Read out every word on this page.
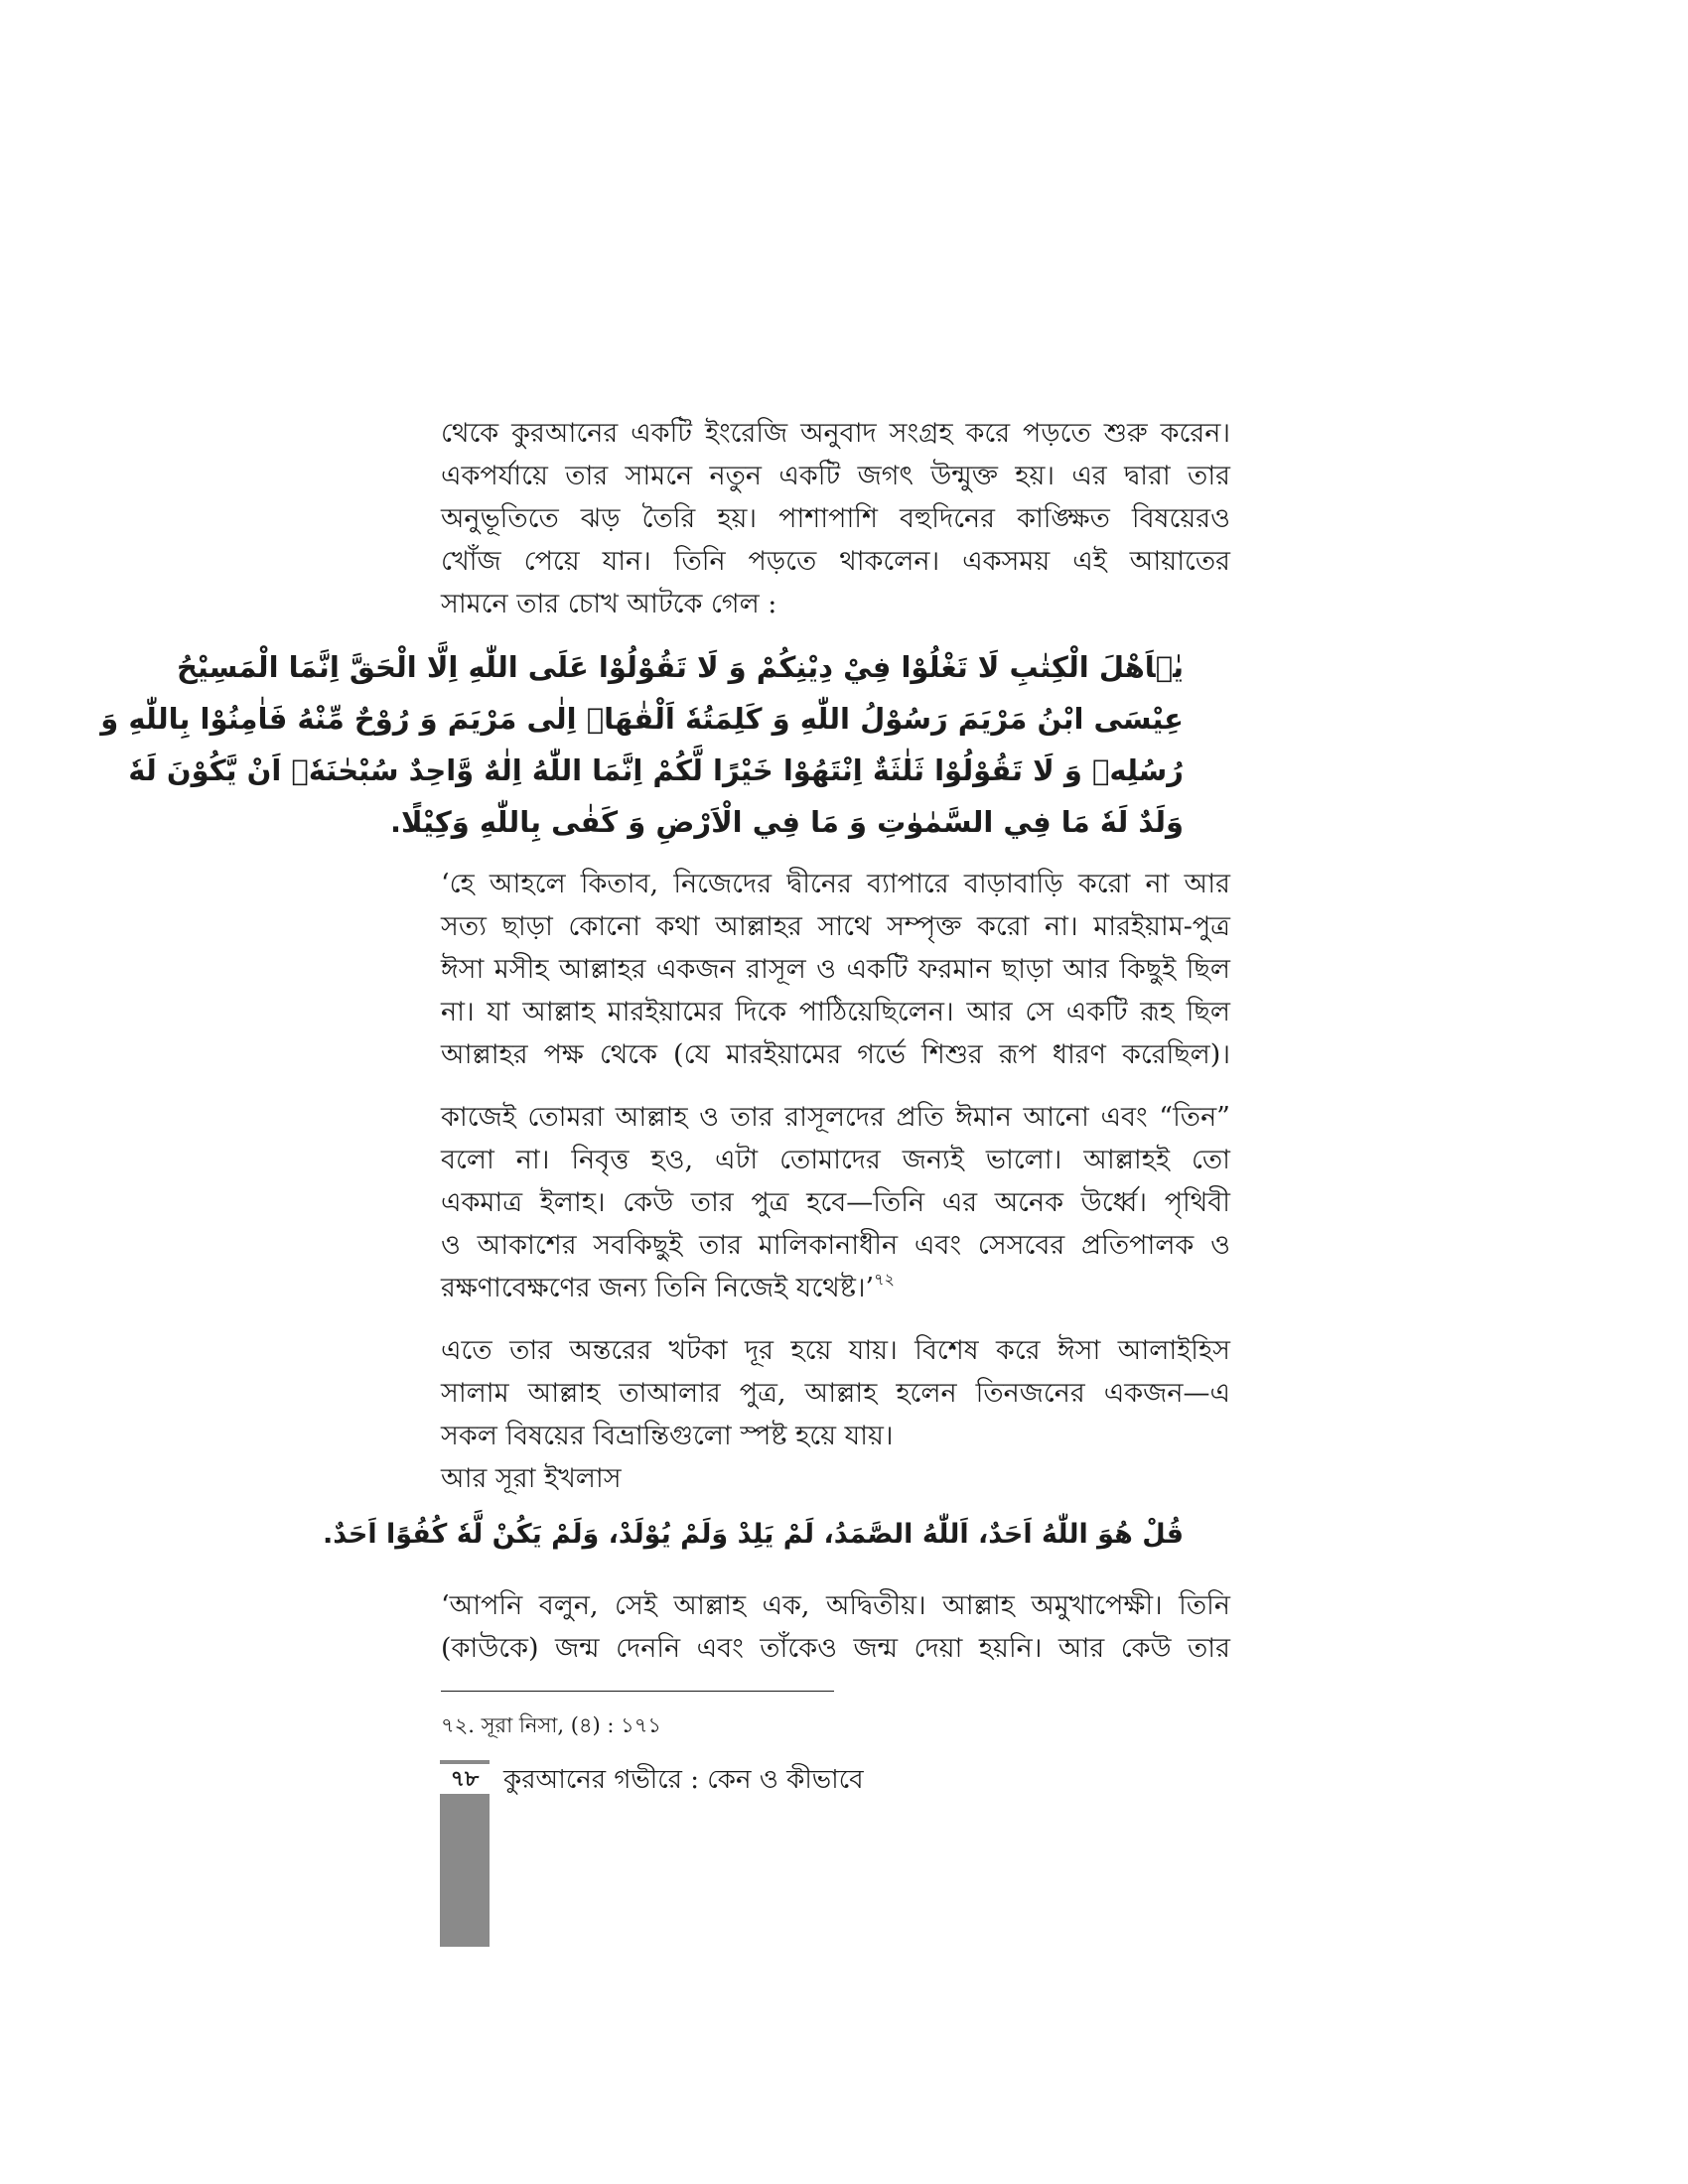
থেকে কুরআনের একটি ইংরেজি অনুবাদ সংগ্রহ করে পড়তে শুরু করেন।
একপর্যায়ে তার সামনে নতুন একটি জগৎ উন্মুক্ত হয়। এর দ্বারা তার
অনুভূতিতে ঝড় তৈরি হয়। পাশাপাশি বহুদিনের কাঙ্ক্ষিত বিষয়েরও
খোঁজ পেয়ে যান। তিনি পড়তে থাকলেন। একসময় এই আয়াতের
সামনে তার চোখ আটকে গেল :
يٰۤاَهْلَ الْكِتٰبِ لَا تَغْلُوْا فِيْ دِيْنِكُمْ وَ لَا تَقُوْلُوْا عَلَى اللّٰهِ اِلَّا الْحَقَّ اِنَّمَا الْمَسِيْحُ
عِيْسَى ابْنُ مَرْيَمَ رَسُوْلُ اللّٰهِ وَ كَلِمَتُهٗ اَلْقٰهَاۤ اِلٰى مَرْيَمَ وَ رُوْحٌ مِّنْهُ فَاٰمِنُوْا بِاللّٰهِ وَ
رُسُلِهٖ وَ لَا تَقُوْلُوْا ثَلٰثَةٌ اِنْتَهُوْا خَيْرًا لَّكُمْ اِنَّمَا اللّٰهُ اِلٰهٌ وَّاحِدٌ سُبْحٰنَهٗۤ اَنْ يَّكُوْنَ لَهٗ
وَلَدٌ لَهٗ مَا فِي السَّمٰوٰتِ وَ مَا فِي الْاَرْضِ وَ كَفٰى بِاللّٰهِ وَكِيْلًا.
‘হে আহলে কিতাব, নিজেদের দ্বীনের ব্যাপারে বাড়াবাড়ি করো না আর
সত্য ছাড়া কোনো কথা আল্লাহর সাথে সম্পৃক্ত করো না। মারইয়াম-পুত্র
ঈসা মসীহ আল্লাহর একজন রাসূল ও একটি ফরমান ছাড়া আর কিছুই ছিল
না। যা আল্লাহ মারইয়ামের দিকে পাঠিয়েছিলেন। আর সে একটি রূহ ছিল
আল্লাহর পক্ষ থেকে (যে মারইয়ামের গর্ভে শিশুর রূপ ধারণ করেছিল)।
কাজেই তোমরা আল্লাহ ও তার রাসূলদের প্রতি ঈমান আনো এবং “তিন”
বলো না। নিবৃত্ত হও, এটা তোমাদের জন্যই ভালো। আল্লাহই তো
একমাত্র ইলাহ। কেউ তার পুত্র হবে—তিনি এর অনেক উর্ধ্বে। পৃথিবী
ও আকাশের সবকিছুই তার মালিকানাধীন এবং সেসবের প্রতিপালক ও
রক্ষণাবেক্ষণের জন্য তিনি নিজেই যথেষ্ট।’$^{৭২}$
এতে তার অন্তরের খটকা দূর হয়ে যায়। বিশেষ করে ঈসা আলাইহিস
সালাম আল্লাহ তাআলার পুত্র, আল্লাহ হলেন তিনজনের একজন—এ
সকল বিষয়ের বিভ্রান্তিগুলো স্পষ্ট হয়ে যায়।
আর সূরা ইখলাস
قُلْ هُوَ اللّٰهُ اَحَدٌ، اَللّٰهُ الصَّمَدُ، لَمْ يَلِدْ وَلَمْ يُوْلَدْ، وَلَمْ يَكُنْ لَّهٗ كُفُوًا اَحَدٌ.
‘আপনি বলুন, সেই আল্লাহ এক, অদ্বিতীয়। আল্লাহ অমুখাপেক্ষী। তিনি
(কাউকে) জন্ম দেননি এবং তাঁকেও জন্ম দেয়া হয়নি। আর কেউ তার
৭২. সূরা নিসা, (৪) : ১৭১
৭৮ কুরআনের গভীরে : কেন ও কীভাবে
